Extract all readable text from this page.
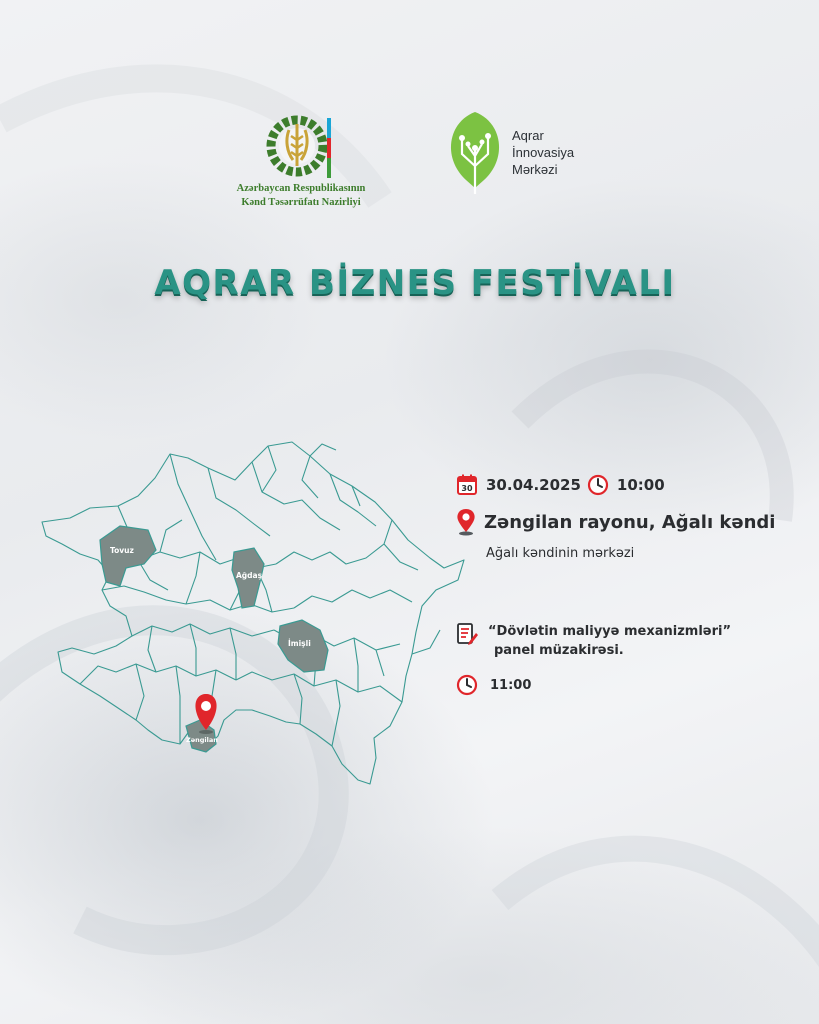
Azərbaycan Respublikasının
Kənd Təsərrüfatı Nazirliyi
Aqrar
İnnovasiya
Mərkəzi
AQRAR BİZNES FESTİVALI
Tovuz
Ağdaş
İmişli
Zəngilan
30 30.04.2025 10:00
Zəngilan rayonu, Ağalı kəndi
Ağalı kəndinin mərkəzi
“Dövlətin maliyyə mexanizmləri”
panel müzakirəsi.
11:00
